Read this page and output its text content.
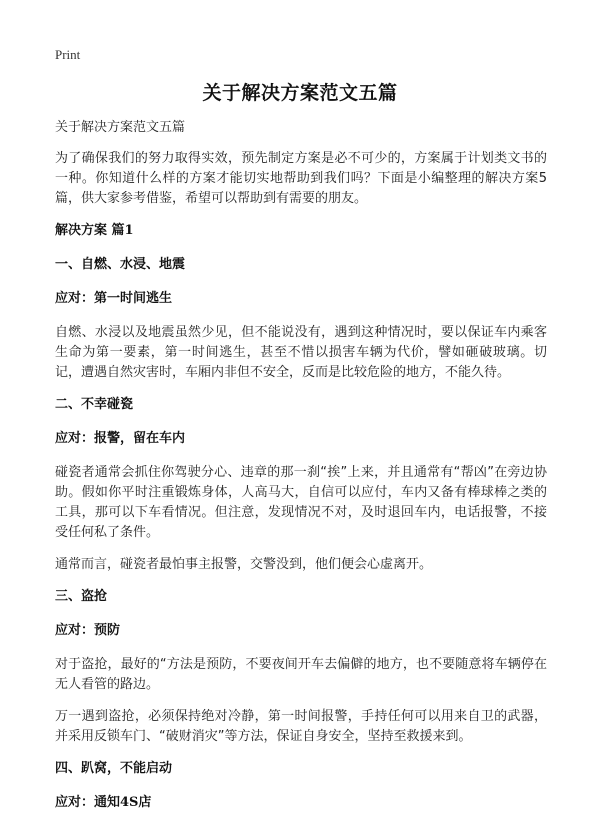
Print
关于解决方案范文五篇

关于解决方案范文五篇

为了确保我们的努力取得实效，预先制定方案是必不可少的，方案属于计划类文书的一种。你知道什么样的方案才能切实地帮助到我们吗？下面是小编整理的解决方案5篇，供大家参考借鉴，希望可以帮助到有需要的朋友。

解决方案 篇1
一、自燃、水浸、地震
应对：第一时间逃生

自燃、水浸以及地震虽然少见，但不能说没有，遇到这种情况时，要以保证车内乘客生命为第一要素，第一时间逃生，甚至不惜以损害车辆为代价，譬如砸破玻璃。切记，遭遇自然灾害时，车厢内非但不安全，反而是比较危险的地方，不能久待。

二、不幸碰瓷
应对：报警，留在车内

碰瓷者通常会抓住你驾驶分心、违章的那一刹“挨”上来，并且通常有“帮凶”在旁边协助。假如你平时注重锻炼身体，人高马大，自信可以应付，车内又备有棒球棒之类的工具，那可以下车看情况。但注意，发现情况不对，及时退回车内，电话报警，不接受任何私了条件。

通常而言，碰瓷者最怕事主报警，交警没到，他们便会心虚离开。

三、盗抢
应对：预防

对于盗抢，最好的“方法是预防，不要夜间开车去偏僻的地方，也不要随意将车辆停在无人看管的路边。

万一遇到盗抢，必须保持绝对冷静，第一时间报警，手持任何可以用来自卫的武器，并采用反锁车门、“破财消灾”等方法，保证自身安全，坚持至救援来到。

四、趴窝，不能启动
应对：通知4S店
